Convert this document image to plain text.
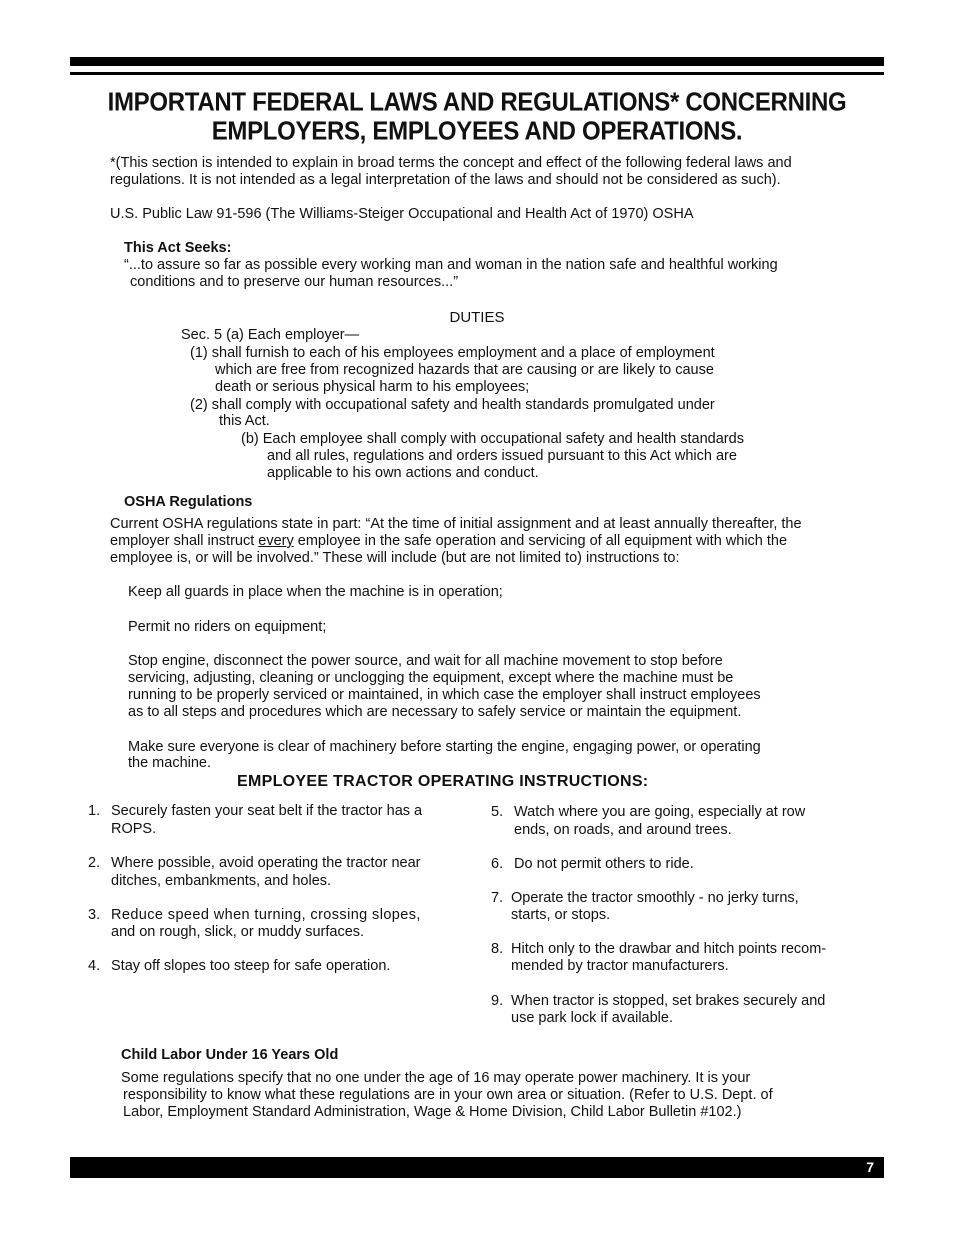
IMPORTANT FEDERAL LAWS AND REGULATIONS* CONCERNING
EMPLOYERS, EMPLOYEES AND OPERATIONS.
*(This section is intended to explain in broad terms the concept and effect of the following federal laws and
regulations. It is not intended as a legal interpretation of the laws and should not be considered as such).
U.S. Public Law 91-596 (The Williams-Steiger Occupational and Health Act of 1970) OSHA
This Act Seeks:
“...to assure so far as possible every working man and woman in the nation safe and healthful working
conditions and to preserve our human resources...”
DUTIES
Sec. 5 (a) Each employer—
(1) shall furnish to each of his employees employment and a place of employment
which are free from recognized hazards that are causing or are likely to cause
death or serious physical harm to his employees;
(2) shall comply with occupational safety and health standards promulgated under
this Act.
(b) Each employee shall comply with occupational safety and health standards
and all rules, regulations and orders issued pursuant to this Act which are
applicable to his own actions and conduct.
OSHA Regulations
Current OSHA regulations state in part: “At the time of initial assignment and at least annually thereafter, the
employer shall instruct every employee in the safe operation and servicing of all equipment with which the
employee is, or will be involved.” These will include (but are not limited to) instructions to:
Keep all guards in place when the machine is in operation;
Permit no riders on equipment;
Stop engine, disconnect the power source, and wait for all machine movement to stop before
servicing, adjusting, cleaning or unclogging the equipment, except where the machine must be
running to be properly serviced or maintained, in which case the employer shall instruct employees
as to all steps and procedures which are necessary to safely service or maintain the equipment.
Make sure everyone is clear of machinery before starting the engine, engaging power, or operating
the machine.
EMPLOYEE TRACTOR OPERATING INSTRUCTIONS:
1. Securely fasten your seat belt if the tractor has a
ROPS.
2. Where possible, avoid operating the tractor near
ditches, embankments, and holes.
3. Reduce speed when turning, crossing slopes,
and on rough, slick, or muddy surfaces.
4. Stay off slopes too steep for safe operation.
5. Watch where you are going, especially at row
ends, on roads, and around trees.
6. Do not permit others to ride.
7. Operate the tractor smoothly - no jerky turns,
starts, or stops.
8. Hitch only to the drawbar and hitch points recom-
mended by tractor manufacturers.
9. When tractor is stopped, set brakes securely and
use park lock if available.
Child Labor Under 16 Years Old
Some regulations specify that no one under the age of 16 may operate power machinery. It is your
responsibility to know what these regulations are in your own area or situation. (Refer to U.S. Dept. of
Labor, Employment Standard Administration, Wage & Home Division, Child Labor Bulletin #102.)
7
